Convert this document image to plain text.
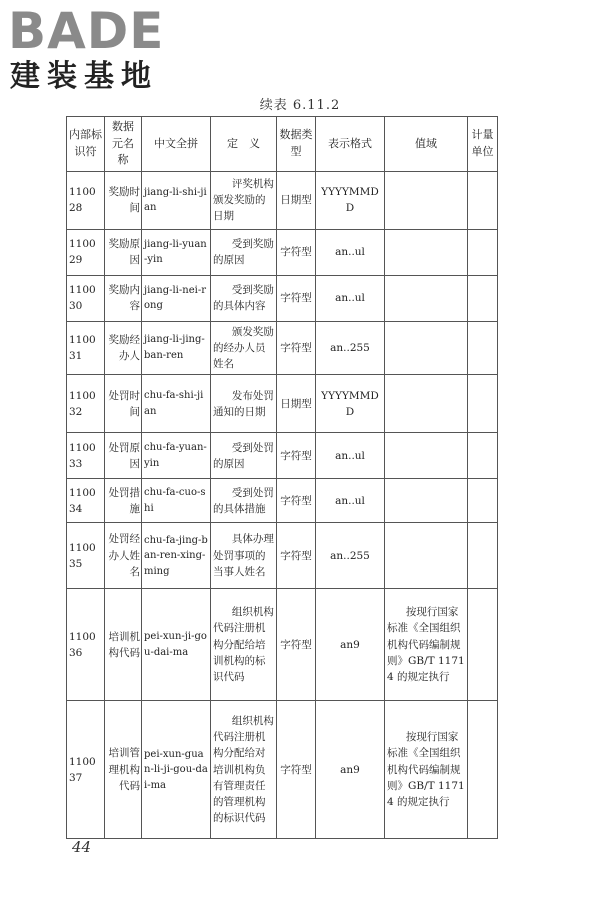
BADE
建装基地
续表 6.11.2
内部标识符	数据元名称	中文全拼	定　义	数据类型	表示格式	值域	计量单位
110028	奖励时间	jiang-li-shi-jian	评奖机构颁发奖励的日期	日期型	YYYYMMDD		
110029	奖励原因	jiang-li-yuan-yin	受到奖励的原因	字符型	an..ul		
110030	奖励内容	jiang-li-nei-rong	受到奖励的具体内容	字符型	an..ul		
110031	奖励经办人	jiang-li-jing-ban-ren	颁发奖励的经办人员姓名	字符型	an..255		
110032	处罚时间	chu-fa-shi-jian	发布处罚通知的日期	日期型	YYYYMMDD		
110033	处罚原因	chu-fa-yuan-yin	受到处罚的原因	字符型	an..ul		
110034	处罚措施	chu-fa-cuo-shi	受到处罚的具体措施	字符型	an..ul		
110035	处罚经办人姓名	chu-fa-jing-ban-ren-xing-ming	具体办理处罚事项的当事人姓名	字符型	an..255		
110036	培训机构代码	pei-xun-ji-gou-dai-ma	组织机构代码注册机构分配给培训机构的标识代码	字符型	an9	按现行国家标准《全国组织机构代码编制规则》GB/T 11714 的规定执行	
110037	培训管理机构代码	pei-xun-guan-li-ji-gou-dai-ma	组织机构代码注册机构分配给对培训机构负有管理责任的管理机构的标识代码	字符型	an9	按现行国家标准《全国组织机构代码编制规则》GB/T 11714 的规定执行	
44
